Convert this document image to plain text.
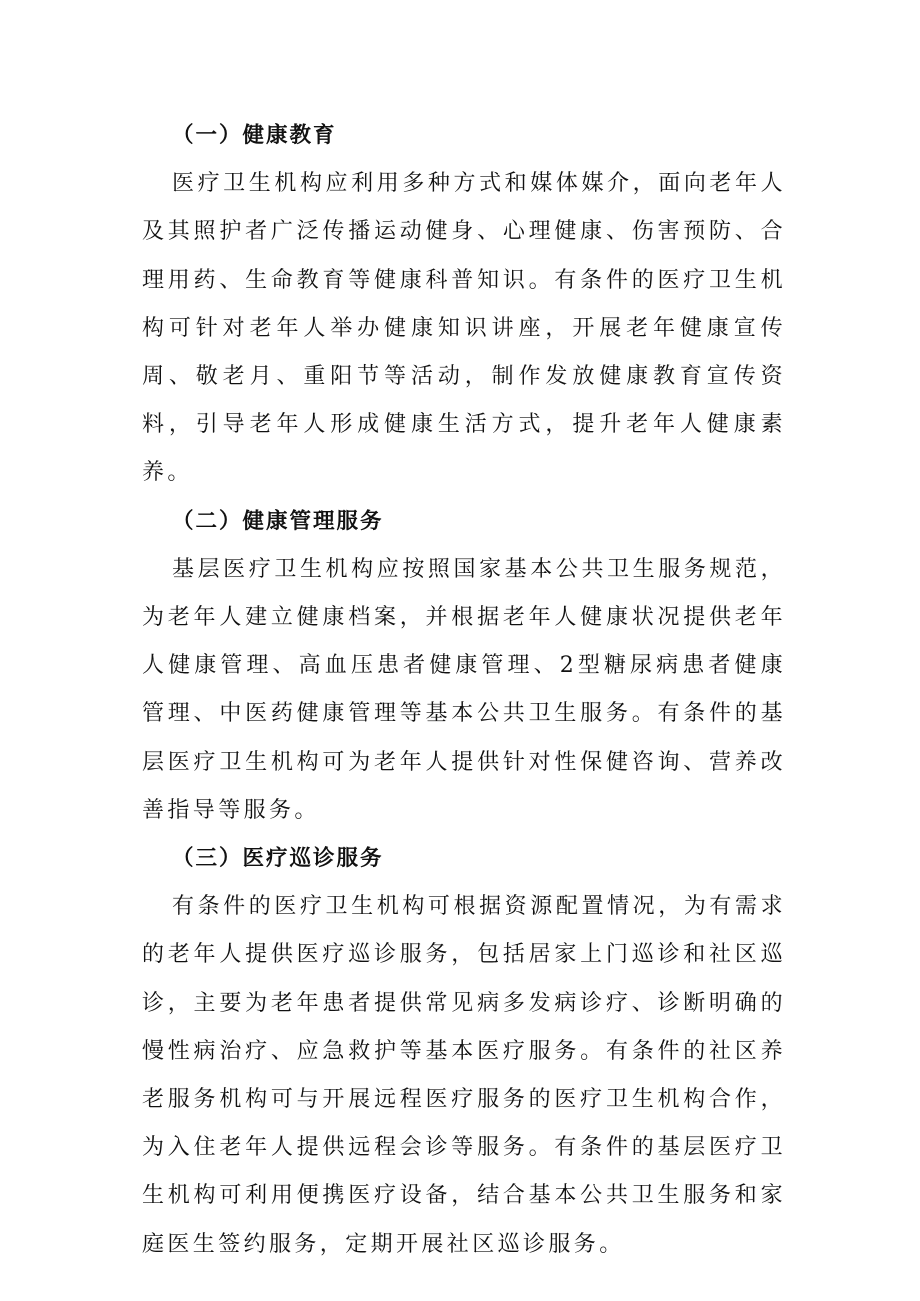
（一）健康教育

医疗卫生机构应利用多种方式和媒体媒介，面向老年人及其照护者广泛传播运动健身、心理健康、伤害预防、合理用药、生命教育等健康科普知识。有条件的医疗卫生机构可针对老年人举办健康知识讲座，开展老年健康宣传周、敬老月、重阳节等活动，制作发放健康教育宣传资料，引导老年人形成健康生活方式，提升老年人健康素养。

（二）健康管理服务

基层医疗卫生机构应按照国家基本公共卫生服务规范，为老年人建立健康档案，并根据老年人健康状况提供老年人健康管理、高血压患者健康管理、2型糖尿病患者健康管理、中医药健康管理等基本公共卫生服务。有条件的基层医疗卫生机构可为老年人提供针对性保健咨询、营养改善指导等服务。

（三）医疗巡诊服务

有条件的医疗卫生机构可根据资源配置情况，为有需求的老年人提供医疗巡诊服务，包括居家上门巡诊和社区巡诊，主要为老年患者提供常见病多发病诊疗、诊断明确的慢性病治疗、应急救护等基本医疗服务。有条件的社区养老服务机构可与开展远程医疗服务的医疗卫生机构合作，为入住老年人提供远程会诊等服务。有条件的基层医疗卫生机构可利用便携医疗设备，结合基本公共卫生服务和家庭医生签约服务，定期开展社区巡诊服务。
